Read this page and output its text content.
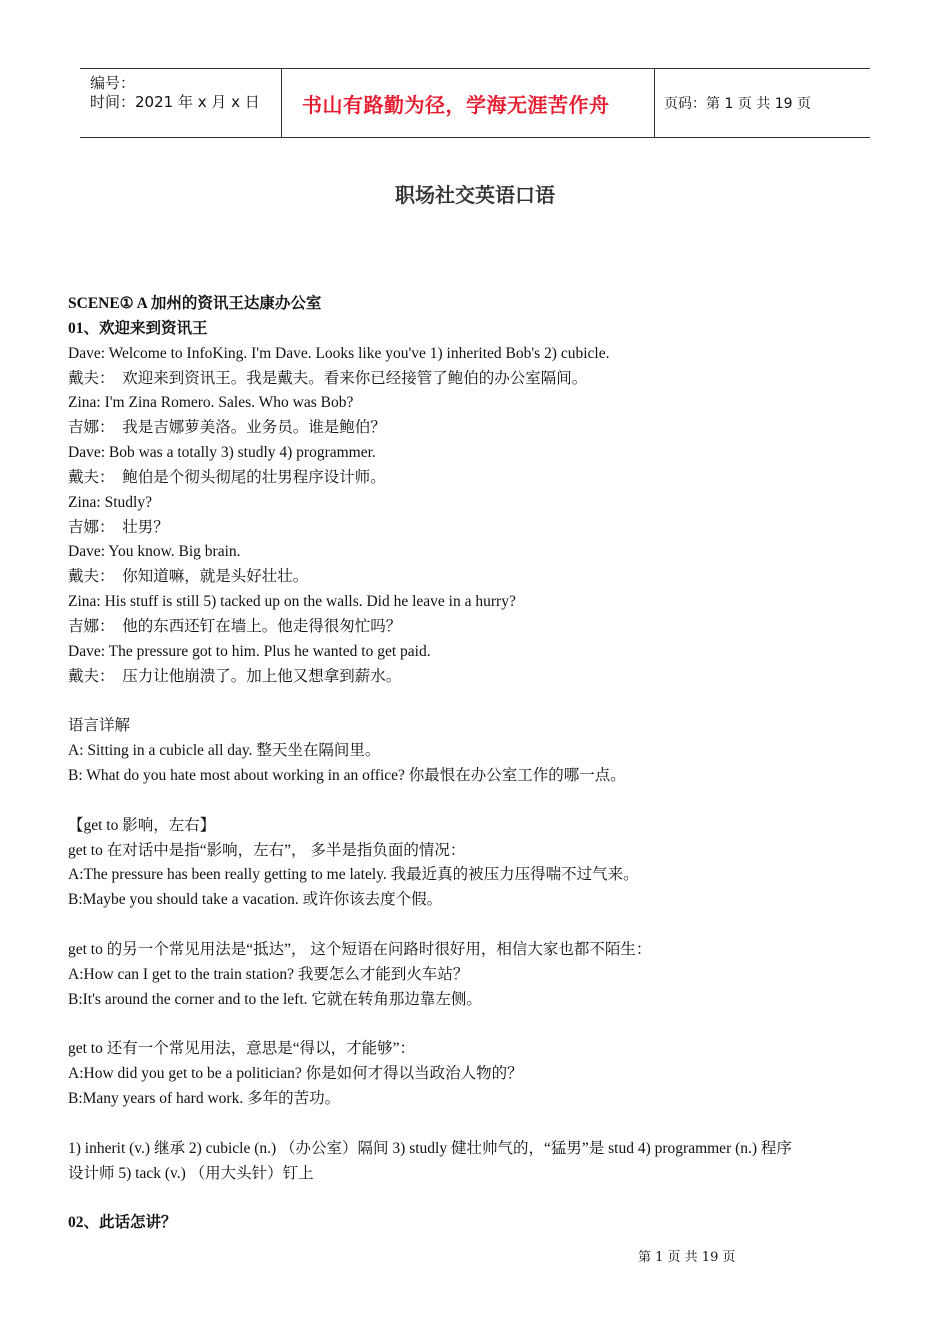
编号：
时间：2021 年 x 月 x 日 书山有路勤为径，学海无涯苦作舟	页码：第 1 页 共 19 页
职场社交英语口语
SCENE① A 加州的资讯王达康办公室
01、欢迎来到资讯王
Dave: Welcome to InfoKing. I'm Dave. Looks like you've 1) inherited Bob's 2) cubicle.
戴夫：　欢迎来到资讯王。我是戴夫。看来你已经接管了鲍伯的办公室隔间。
Zina: I'm Zina Romero. Sales. Who was Bob?
吉娜：　我是吉娜萝美洛。业务员。谁是鲍伯？
Dave: Bob was a totally 3) studly 4) programmer.
戴夫：　鲍伯是个彻头彻尾的壮男程序设计师。
Zina: Studly?
吉娜：　壮男？
Dave: You know. Big brain.
戴夫：　你知道嘛，就是头好壮壮。
Zina: His stuff is still 5) tacked up on the walls. Did he leave in a hurry?
吉娜：　他的东西还钉在墙上。他走得很匆忙吗？
Dave: The pressure got to him. Plus he wanted to get paid.
戴夫：　压力让他崩溃了。加上他又想拿到薪水。
语言详解
A: Sitting in a cubicle all day. 整天坐在隔间里。
B: What do you hate most about working in an office? 你最恨在办公室工作的哪一点。
【get to 影响，左右】
get to 在对话中是指“影响，左右”， 多半是指负面的情况：
A:The pressure has been really getting to me lately. 我最近真的被压力压得喘不过气来。
B:Maybe you should take a vacation. 或许你该去度个假。
get to 的另一个常见用法是“抵达”， 这个短语在问路时很好用，相信大家也都不陌生：
A:How can I get to the train station? 我要怎么才能到火车站？
B:It's around the corner and to the left. 它就在转角那边靠左侧。
get to 还有一个常见用法，意思是“得以，才能够”：
A:How did you get to be a politician? 你是如何才得以当政治人物的？
B:Many years of hard work. 多年的苦功。
1) inherit (v.) 继承 2) cubicle (n.) （办公室）隔间 3) studly 健壮帅气的，“猛男”是 stud 4) programmer (n.) 程序
设计师 5) tack (v.) （用大头针）钉上
02、此话怎讲？
第 1 页 共 19 页
